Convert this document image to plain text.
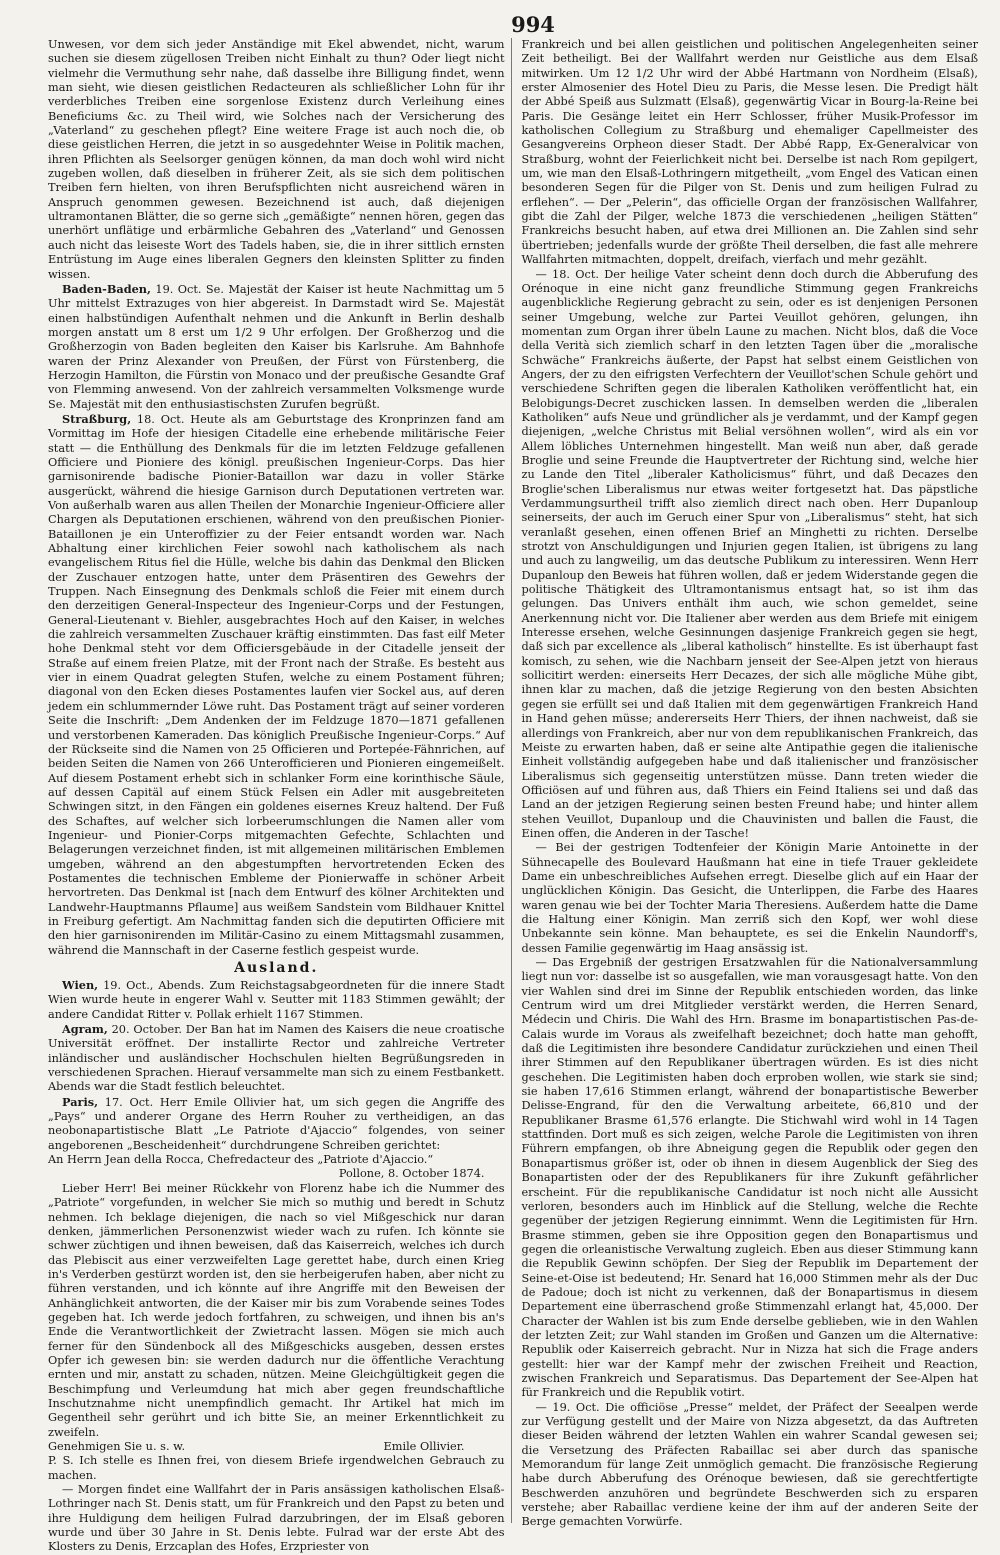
994

Unwesen, vor dem sich jeder Anständige mit Ekel abwendet, nicht, warum suchen sie diesem zügellosen Treiben nicht Einhalt zu thun? Oder liegt nicht vielmehr die Vermuthung sehr nahe, daß dasselbe ihre Billigung findet, wenn man sieht, wie diesen geistlichen Redacteuren als schließlicher Lohn für ihr verderbliches Treiben eine sorgenlose Existenz durch Verleihung eines Beneficiums &c. zu Theil wird, wie Solches nach der Versicherung des „Vaterland“ zu geschehen pflegt? Eine weitere Frage ist auch noch die, ob diese geistlichen Herren, die jetzt in so ausgedehnter Weise in Politik machen, ihren Pflichten als Seelsorger genügen können, da man doch wohl wird nicht zugeben wollen, daß dieselben in früherer Zeit, als sie sich dem politischen Treiben fern hielten, von ihren Berufspflichten nicht ausreichend wären in Anspruch genommen gewesen. Bezeichnend ist auch, daß diejenigen ultramontanen Blätter, die so gerne sich „gemäßigte“ nennen hören, gegen das unerhört unflätige und erbärmliche Gebahren des „Vaterland“ und Genossen auch nicht das leiseste Wort des Tadels haben, sie, die in ihrer sittlich ernsten Entrüstung im Auge eines liberalen Gegners den kleinsten Splitter zu finden wissen.

Baden-Baden, 19. Oct. Se. Majestät der Kaiser ist heute Nachmittag um 5 Uhr mittelst Extrazuges von hier abgereist. In Darmstadt wird Se. Majestät einen halbstündigen Aufenthalt nehmen und die Ankunft in Berlin deshalb morgen anstatt um 8 erst um 1/2 9 Uhr erfolgen. Der Großherzog und die Großherzogin von Baden begleiten den Kaiser bis Karlsruhe. Am Bahnhofe waren der Prinz Alexander von Preußen, der Fürst von Fürstenberg, die Herzogin Hamilton, die Fürstin von Monaco und der preußische Gesandte Graf von Flemming anwesend. Von der zahlreich versammelten Volksmenge wurde Se. Majestät mit den enthusiastischsten Zurufen begrüßt.

Straßburg, 18. Oct. Heute als am Geburtstage des Kronprinzen fand am Vormittag im Hofe der hiesigen Citadelle eine erhebende militärische Feier statt — die Enthüllung des Denkmals für die im letzten Feldzuge gefallenen Officiere und Pioniere des königl. preußischen Ingenieur-Corps. Das hier garnisonirende badische Pionier-Bataillon war dazu in voller Stärke ausgerückt, während die hiesige Garnison durch Deputationen vertreten war. Von außerhalb waren aus allen Theilen der Monarchie Ingenieur-Officiere aller Chargen als Deputationen erschienen, während von den preußischen Pionier-Bataillonen je ein Unteroffizier zu der Feier entsandt worden war. Nach Abhaltung einer kirchlichen Feier sowohl nach katholischem als nach evangelischem Ritus fiel die Hülle, welche bis dahin das Denkmal den Blicken der Zuschauer entzogen hatte, unter dem Präsentiren des Gewehrs der Truppen. Nach Einsegnung des Denkmals schloß die Feier mit einem durch den derzeitigen General-Inspecteur des Ingenieur-Corps und der Festungen, General-Lieutenant v. Biehler, ausgebrachtes Hoch auf den Kaiser, in welches die zahlreich versammelten Zuschauer kräftig einstimmten. Das fast eilf Meter hohe Denkmal steht vor dem Officiersgebäude in der Citadelle jenseit der Straße auf einem freien Platze, mit der Front nach der Straße. Es besteht aus vier in einem Quadrat gelegten Stufen, welche zu einem Postament führen; diagonal von den Ecken dieses Postamentes laufen vier Sockel aus, auf deren jedem ein schlummernder Löwe ruht. Das Postament trägt auf seiner vorderen Seite die Inschrift: „Dem Andenken der im Feldzuge 1870—1871 gefallenen und verstorbenen Kameraden. Das königlich Preußische Ingenieur-Corps.“ Auf der Rückseite sind die Namen von 25 Officieren und Portepée-Fähnrichen, auf beiden Seiten die Namen von 266 Unterofficieren und Pionieren eingemeißelt. Auf diesem Postament erhebt sich in schlanker Form eine korinthische Säule, auf dessen Capitäl auf einem Stück Felsen ein Adler mit ausgebreiteten Schwingen sitzt, in den Fängen ein goldenes eisernes Kreuz haltend. Der Fuß des Schaftes, auf welcher sich lorbeerumschlungen die Namen aller vom Ingenieur- und Pionier-Corps mitgemachten Gefechte, Schlachten und Belagerungen verzeichnet finden, ist mit allgemeinen militärischen Emblemen umgeben, während an den abgestumpften hervortretenden Ecken des Postamentes die technischen Embleme der Pionierwaffe in schöner Arbeit hervortreten. Das Denkmal ist [nach dem Entwurf des kölner Architekten und Landwehr-Hauptmanns Pflaume] aus weißem Sandstein vom Bildhauer Knittel in Freiburg gefertigt. Am Nachmittag fanden sich die deputirten Officiere mit den hier garnisonirenden im Militär-Casino zu einem Mittagsmahl zusammen, während die Mannschaft in der Caserne festlich gespeist wurde.

Ausland.

Wien, 19. Oct., Abends. Zum Reichstagsabgeordneten für die innere Stadt Wien wurde heute in engerer Wahl v. Seutter mit 1183 Stimmen gewählt; der andere Candidat Ritter v. Pollak erhielt 1167 Stimmen.

Agram, 20. October. Der Ban hat im Namen des Kaisers die neue croatische Universität eröffnet. Der installirte Rector und zahlreiche Vertreter inländischer und ausländischer Hochschulen hielten Begrüßungsreden in verschiedenen Sprachen. Hierauf versammelte man sich zu einem Festbankett. Abends war die Stadt festlich beleuchtet.

Paris, 17. Oct. Herr Emile Ollivier hat, um sich gegen die Angriffe des „Pays“ und anderer Organe des Herrn Rouher zu vertheidigen, an das neobonapartistische Blatt „Le Patriote d'Ajaccio“ folgendes, von seiner angeborenen „Bescheidenheit“ durchdrungene Schreiben gerichtet:

An Herrn Jean della Rocca, Chefredacteur des „Patriote d'Ajaccio.“

Pollone, 8. October 1874.

Lieber Herr! Bei meiner Rückkehr von Florenz habe ich die Nummer des „Patriote“ vorgefunden, in welcher Sie mich so muthig und beredt in Schutz nehmen. Ich beklage diejenigen, die nach so viel Mißgeschick nur daran denken, jämmerlichen Personenzwist wieder wach zu rufen. Ich könnte sie schwer züchtigen und ihnen beweisen, daß das Kaiserreich, welches ich durch das Plebiscit aus einer verzweifelten Lage gerettet habe, durch einen Krieg in's Verderben gestürzt worden ist, den sie herbeigerufen haben, aber nicht zu führen verstanden, und ich könnte auf ihre Angriffe mit den Beweisen der Anhänglichkeit antworten, die der Kaiser mir bis zum Vorabende seines Todes gegeben hat. Ich werde jedoch fortfahren, zu schweigen, und ihnen bis an's Ende die Verantwortlichkeit der Zwietracht lassen. Mögen sie mich auch ferner für den Sündenbock all des Mißgeschicks ausgeben, dessen erstes Opfer ich gewesen bin: sie werden dadurch nur die öffentliche Verachtung ernten und mir, anstatt zu schaden, nützen. Meine Gleichgültigkeit gegen die Beschimpfung und Verleumdung hat mich aber gegen freundschaftliche Inschutznahme nicht unempfindlich gemacht. Ihr Artikel hat mich im Gegentheil sehr gerührt und ich bitte Sie, an meiner Erkenntlichkeit zu zweifeln.

Genehmigen Sie u. s. w.	Emile Ollivier.

P. S. Ich stelle es Ihnen frei, von diesem Briefe irgendwelchen Gebrauch zu machen.

— Morgen findet eine Wallfahrt der in Paris ansässigen katholischen Elsaß-Lothringer nach St. Denis statt, um für Frankreich und den Papst zu beten und ihre Huldigung dem heiligen Fulrad darzubringen, der im Elsaß geboren wurde und über 30 Jahre in St. Denis lebte. Fulrad war der erste Abt des Klosters zu Denis, Erzcaplan des Hofes, Erzpriester von

Frankreich und bei allen geistlichen und politischen Angelegenheiten seiner Zeit betheiligt. Bei der Wallfahrt werden nur Geistliche aus dem Elsaß mitwirken. Um 12 1/2 Uhr wird der Abbé Hartmann von Nordheim (Elsaß), erster Almosenier des Hotel Dieu zu Paris, die Messe lesen. Die Predigt hält der Abbé Speiß aus Sulzmatt (Elsaß), gegenwärtig Vicar in Bourg-la-Reine bei Paris. Die Gesänge leitet ein Herr Schlosser, früher Musik-Professor im katholischen Collegium zu Straßburg und ehemaliger Capellmeister des Gesangvereins Orpheon dieser Stadt. Der Abbé Rapp, Ex-Generalvicar von Straßburg, wohnt der Feierlichkeit nicht bei. Derselbe ist nach Rom gepilgert, um, wie man den Elsaß-Lothringern mitgetheilt, „vom Engel des Vatican einen besonderen Segen für die Pilger von St. Denis und zum heiligen Fulrad zu erflehen“. — Der „Pelerin“, das officielle Organ der französischen Wallfahrer, gibt die Zahl der Pilger, welche 1873 die verschiedenen „heiligen Stätten“ Frankreichs besucht haben, auf etwa drei Millionen an. Die Zahlen sind sehr übertrieben; jedenfalls wurde der größte Theil derselben, die fast alle mehrere Wallfahrten mitmachten, doppelt, dreifach, vierfach und mehr gezählt.

— 18. Oct. Der heilige Vater scheint denn doch durch die Abberufung des Orénoque in eine nicht ganz freundliche Stimmung gegen Frankreichs augenblickliche Regierung gebracht zu sein, oder es ist denjenigen Personen seiner Umgebung, welche zur Partei Veuillot gehören, gelungen, ihn momentan zum Organ ihrer übeln Laune zu machen. Nicht blos, daß die Voce della Verità sich ziemlich scharf in den letzten Tagen über die „moralische Schwäche“ Frankreichs äußerte, der Papst hat selbst einem Geistlichen von Angers, der zu den eifrigsten Verfechtern der Veuillot'schen Schule gehört und verschiedene Schriften gegen die liberalen Katholiken veröffentlicht hat, ein Belobigungs-Decret zuschicken lassen. In demselben werden die „liberalen Katholiken“ aufs Neue und gründlicher als je verdammt, und der Kampf gegen diejenigen, „welche Christus mit Belial versöhnen wollen“, wird als ein vor Allem löbliches Unternehmen hingestellt. Man weiß nun aber, daß gerade Broglie und seine Freunde die Hauptvertreter der Richtung sind, welche hier zu Lande den Titel „liberaler Katholicismus“ führt, und daß Decazes den Broglie'schen Liberalismus nur etwas weiter fortgesetzt hat. Das päpstliche Verdammungsurtheil trifft also ziemlich direct nach oben. Herr Dupanloup seinerseits, der auch im Geruch einer Spur von „Liberalismus“ steht, hat sich veranlaßt gesehen, einen offenen Brief an Minghetti zu richten. Derselbe strotzt von Anschuldigungen und Injurien gegen Italien, ist übrigens zu lang und auch zu langweilig, um das deutsche Publikum zu interessiren. Wenn Herr Dupanloup den Beweis hat führen wollen, daß er jedem Widerstande gegen die politische Thätigkeit des Ultramontanismus entsagt hat, so ist ihm das gelungen. Das Univers enthält ihm auch, wie schon gemeldet, seine Anerkennung nicht vor. Die Italiener aber werden aus dem Briefe mit einigem Interesse ersehen, welche Gesinnungen dasjenige Frankreich gegen sie hegt, daß sich par excellence als „liberal katholisch“ hinstellte. Es ist überhaupt fast komisch, zu sehen, wie die Nachbarn jenseit der See-Alpen jetzt von hieraus sollicitirt werden: einerseits Herr Decazes, der sich alle mögliche Mühe gibt, ihnen klar zu machen, daß die jetzige Regierung von den besten Absichten gegen sie erfüllt sei und daß Italien mit dem gegenwärtigen Frankreich Hand in Hand gehen müsse; andererseits Herr Thiers, der ihnen nachweist, daß sie allerdings von Frankreich, aber nur von dem republikanischen Frankreich, das Meiste zu erwarten haben, daß er seine alte Antipathie gegen die italienische Einheit vollständig aufgegeben habe und daß italienischer und französischer Liberalismus sich gegenseitig unterstützen müsse. Dann treten wieder die Officiösen auf und führen aus, daß Thiers ein Feind Italiens sei und daß das Land an der jetzigen Regierung seinen besten Freund habe; und hinter allem stehen Veuillot, Dupanloup und die Chauvinisten und ballen die Faust, die Einen offen, die Anderen in der Tasche!

— Bei der gestrigen Todtenfeier der Königin Marie Antoinette in der Sühnecapelle des Boulevard Haußmann hat eine in tiefe Trauer gekleidete Dame ein unbeschreibliches Aufsehen erregt. Dieselbe glich auf ein Haar der unglücklichen Königin. Das Gesicht, die Unterlippen, die Farbe des Haares waren genau wie bei der Tochter Maria Theresiens. Außerdem hatte die Dame die Haltung einer Königin. Man zerriß sich den Kopf, wer wohl diese Unbekannte sein könne. Man behauptete, es sei die Enkelin Naundorff's, dessen Familie gegenwärtig im Haag ansässig ist.

— Das Ergebniß der gestrigen Ersatzwahlen für die Nationalversammlung liegt nun vor: dasselbe ist so ausgefallen, wie man vorausgesagt hatte. Von den vier Wahlen sind drei im Sinne der Republik entschieden worden, das linke Centrum wird um drei Mitglieder verstärkt werden, die Herren Senard, Médecin und Chiris. Die Wahl des Hrn. Brasme im bonapartistischen Pas-de-Calais wurde im Voraus als zweifelhaft bezeichnet; doch hatte man gehofft, daß die Legitimisten ihre besondere Candidatur zurückziehen und einen Theil ihrer Stimmen auf den Republikaner übertragen würden. Es ist dies nicht geschehen. Die Legitimisten haben doch erproben wollen, wie stark sie sind; sie haben 17,616 Stimmen erlangt, während der bonapartistische Bewerber Delisse-Engrand, für den die Verwaltung arbeitete, 66,810 und der Republikaner Brasme 61,576 erlangte. Die Stichwahl wird wohl in 14 Tagen stattfinden. Dort muß es sich zeigen, welche Parole die Legitimisten von ihren Führern empfangen, ob ihre Abneigung gegen die Republik oder gegen den Bonapartismus größer ist, oder ob ihnen in diesem Augenblick der Sieg des Bonapartisten oder der des Republikaners für ihre Zukunft gefährlicher erscheint. Für die republikanische Candidatur ist noch nicht alle Aussicht verloren, besonders auch im Hinblick auf die Stellung, welche die Rechte gegenüber der jetzigen Regierung einnimmt. Wenn die Legitimisten für Hrn. Brasme stimmen, geben sie ihre Opposition gegen den Bonapartismus und gegen die orleanistische Verwaltung zugleich. Eben aus dieser Stimmung kann die Republik Gewinn schöpfen. Der Sieg der Republik im Departement der Seine-et-Oise ist bedeutend; Hr. Senard hat 16,000 Stimmen mehr als der Duc de Padoue; doch ist nicht zu verkennen, daß der Bonapartismus in diesem Departement eine überraschend große Stimmenzahl erlangt hat, 45,000. Der Character der Wahlen ist bis zum Ende derselbe geblieben, wie in den Wahlen der letzten Zeit; zur Wahl standen im Großen und Ganzen um die Alternative: Republik oder Kaiserreich gebracht. Nur in Nizza hat sich die Frage anders gestellt: hier war der Kampf mehr der zwischen Freiheit und Reaction, zwischen Frankreich und Separatismus. Das Departement der See-Alpen hat für Frankreich und die Republik votirt.

— 19. Oct. Die officiöse „Presse“ meldet, der Präfect der Seealpen werde zur Verfügung gestellt und der Maire von Nizza abgesetzt, da das Auftreten dieser Beiden während der letzten Wahlen ein wahrer Scandal gewesen sei; die Versetzung des Präfecten Rabaillac sei aber durch das spanische Memorandum für lange Zeit unmöglich gemacht. Die französische Regierung habe durch Abberufung des Orénoque bewiesen, daß sie gerechtfertigte Beschwerden anzuhören und begründete Beschwerden sich zu ersparen verstehe; aber Rabaillac verdiene keine der ihm auf der anderen Seite der Berge gemachten Vorwürfe.
